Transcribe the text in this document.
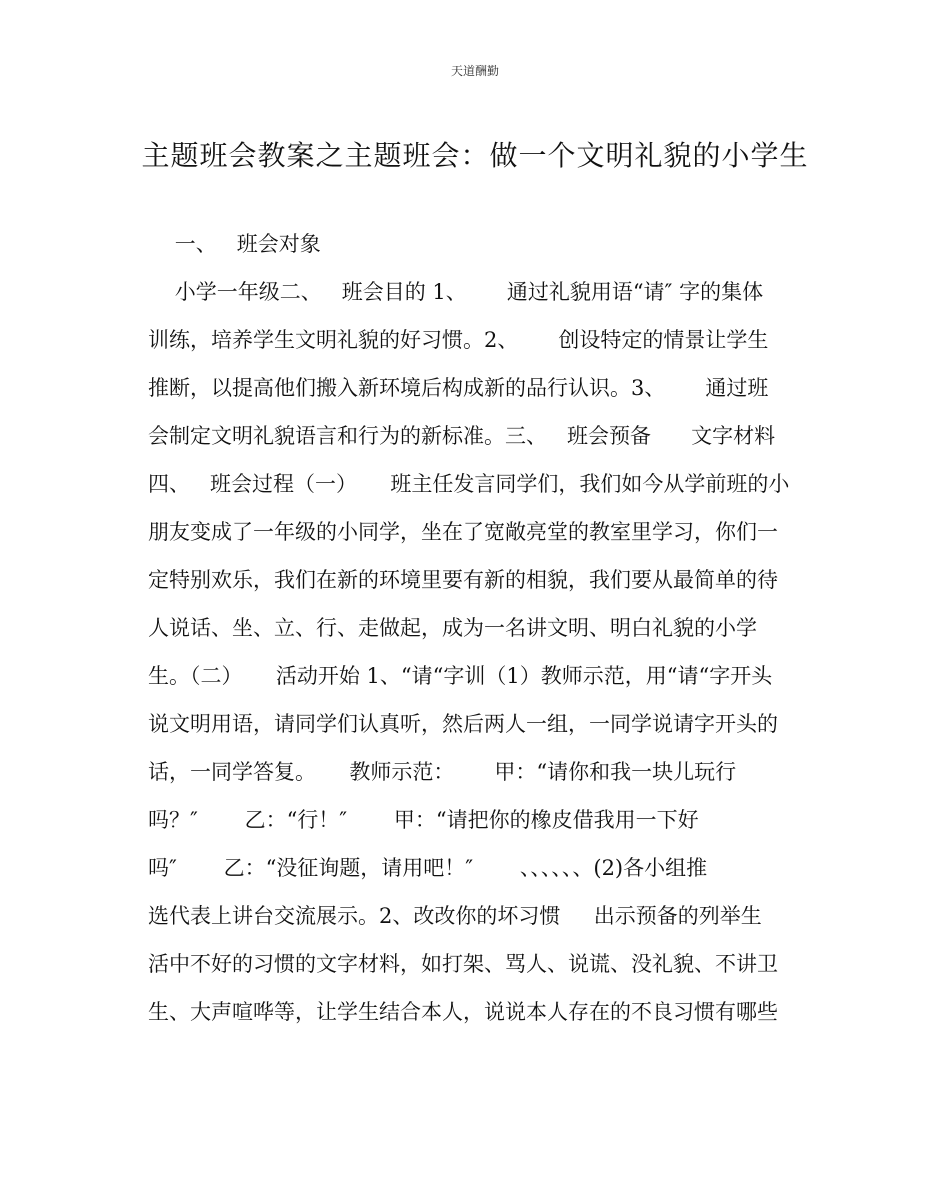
天道酬勤
主题班会教案之主题班会：做一个文明礼貌的小学生
一、   班会对象
小学一年级二、   班会目的 1、      通过礼貌用语“请″ 字的集体
训练，培养学生文明礼貌的好习惯。2、      创设特定的情景让学生
推断，以提高他们搬入新环境后构成新的品行认识。3、      通过班
会制定文明礼貌语言和行为的新标准。三、   班会预备      文字材料
四、   班会过程（一）     班主任发言同学们，我们如今从学前班的小
朋友变成了一年级的小同学，坐在了宽敞亮堂的教室里学习，你们一
定特别欢乐，我们在新的环境里要有新的相貌，我们要从最简单的待
人说话、坐、立、行、走做起，成为一名讲文明、明白礼貌的小学
生。（二）     活动开始 1、“请“字训（1）教师示范，用“请“字开头
说文明用语，请同学们认真听，然后两人一组，一同学说请字开头的
话，一同学答复。     教师示范：      甲：“请你和我一块儿玩行
吗？″       乙：“行！″       甲：“请把你的橡皮借我用一下好
吗″       乙：“没征询题，请用吧！″       、、、、、、(2)各小组推
选代表上讲台交流展示。2、改改你的坏习惯     出示预备的列举生
活中不好的习惯的文字材料，如打架、骂人、说谎、没礼貌、不讲卫
生、大声喧哗等，让学生结合本人，说说本人存在的不良习惯有哪些
